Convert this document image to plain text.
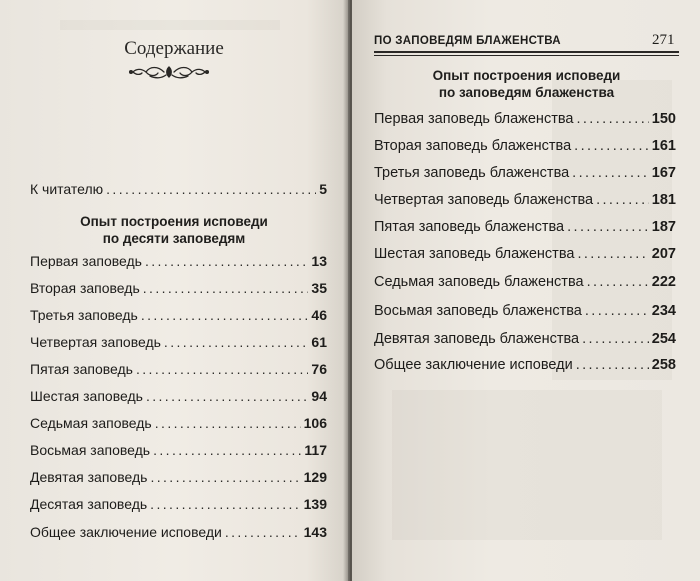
Содержание
К читателю .....	5
Опыт построения исповеди
по десяти заповедям
Первая заповедь .....	13
Вторая заповедь .....	35
Третья заповедь .....	46
Четвертая заповедь .....	61
Пятая заповедь .....	76
Шестая заповедь .....	94
Седьмая заповедь .....	106
Восьмая заповедь .....	117
Девятая заповедь .....	129
Десятая заповедь .....	139
Общее заключение исповеди .....	143
ПО ЗАПОВЕДЯМ БЛАЖЕНСТВА	271
Опыт построения исповеди
по заповедям блаженства
Первая заповедь блаженства .....	150
Вторая заповедь блаженства .....	161
Третья заповедь блаженства .....	167
Четвертая заповедь блаженства .....	181
Пятая заповедь блаженства .....	187
Шестая заповедь блаженства .....	207
Седьмая заповедь блаженства .....	222
Восьмая заповедь блаженства .....	234
Девятая заповедь блаженства .....	254
Общее заключение исповеди .....	258
